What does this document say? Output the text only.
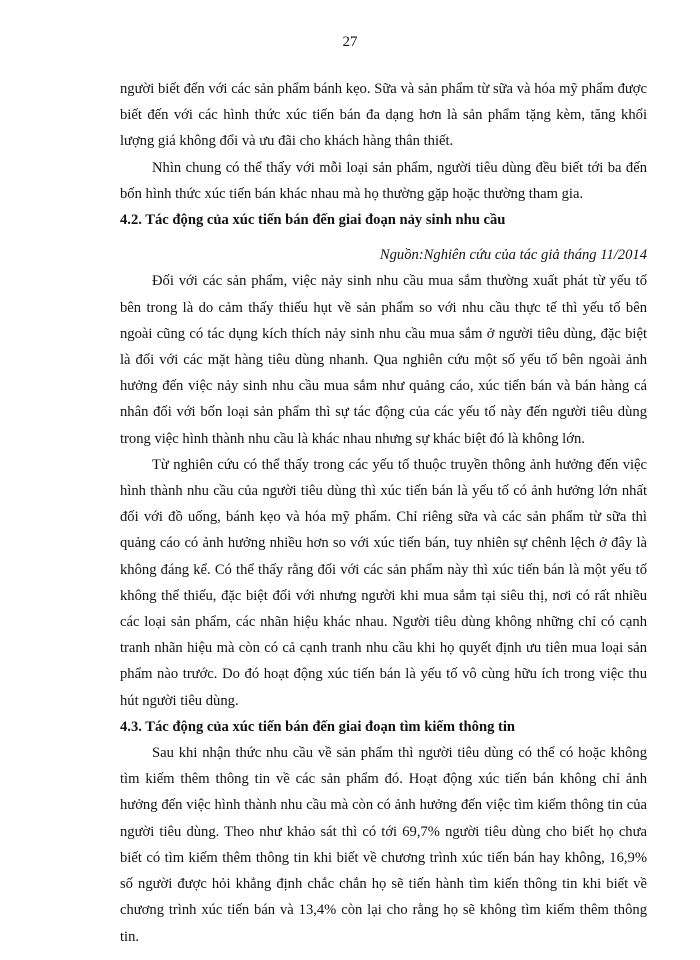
27

người biết đến với các sản phẩm bánh kẹo. Sữa và sản phẩm từ sữa và hóa mỹ phẩm được biết đến với các hình thức xúc tiến bán đa dạng hơn là sản phẩm tặng kèm, tăng khối lượng giá không đổi và ưu đãi cho khách hàng thân thiết.

Nhìn chung có thể thấy với mỗi loại sản phẩm, người tiêu dùng đều biết tới ba đến bốn hình thức xúc tiến bán khác nhau mà họ thường gặp hoặc thường tham gia.

4.2. Tác động của xúc tiến bán đến giai đoạn nảy sinh nhu cầu

Nguồn:Nghiên cứu của tác giả tháng 11/2014

Đối với các sản phẩm, việc nảy sinh nhu cầu mua sắm thường xuất phát từ yếu tố bên trong là do cảm thấy thiếu hụt về sản phẩm so với nhu cầu thực tế thì yếu tố bên ngoài cũng có tác dụng kích thích nảy sinh nhu cầu mua sắm ở người tiêu dùng, đặc biệt là đối với các mặt hàng tiêu dùng nhanh. Qua nghiên cứu một số yếu tố bên ngoài ảnh hưởng đến việc nảy sinh nhu cầu mua sắm như quảng cáo, xúc tiến bán và bán hàng cá nhân đối với bốn loại sản phẩm thì sự tác động của các yếu tố này đến người tiêu dùng trong việc hình thành nhu cầu là khác nhau nhưng sự khác biệt đó là không lớn.

Từ nghiên cứu có thể thấy trong các yếu tố thuộc truyền thông ảnh hưởng đến việc hình thành nhu cầu của người tiêu dùng thì xúc tiến bán là yếu tố có ảnh hưởng lớn nhất đối với đồ uống, bánh kẹo và hóa mỹ phẩm. Chỉ riêng sữa và các sản phẩm từ sữa thì quảng cáo có ảnh hưởng nhiều hơn so với xúc tiến bán, tuy nhiên sự chênh lệch ở đây là không đáng kể. Có thể thấy rằng đối với các sản phẩm này thì xúc tiến bán là một yếu tố không thể thiếu, đặc biệt đối với nhưng người khi mua sắm tại siêu thị, nơi có rất nhiều các loại sản phẩm, các nhãn hiệu khác nhau. Người tiêu dùng không những chỉ có cạnh tranh nhãn hiệu mà còn có cả cạnh tranh nhu cầu khi họ quyết định ưu tiên mua loại sản phẩm nào trước. Do đó hoạt động xúc tiến bán là yếu tố vô cùng hữu ích trong việc thu hút người tiêu dùng.

4.3. Tác động của xúc tiến bán đến giai đoạn tìm kiếm thông tin

Sau khi nhận thức nhu cầu về sản phẩm thì người tiêu dùng có thể có hoặc không tìm kiếm thêm thông tin về các sản phẩm đó. Hoạt động xúc tiến bán không chỉ ảnh hưởng đến việc hình thành nhu cầu mà còn có ảnh hưởng đến việc tìm kiếm thông tin của người tiêu dùng. Theo như khảo sát thì có tới 69,7% người tiêu dùng cho biết họ chưa biết có tìm kiếm thêm thông tin khi biết về chương trình xúc tiến bán hay không, 16,9% số người được hỏi khẳng định chắc chắn họ sẽ tiến hành tìm kiến thông tin khi biết về chương trình xúc tiến bán và 13,4% còn lại cho rằng họ sẽ không tìm kiếm thêm thông tin.
